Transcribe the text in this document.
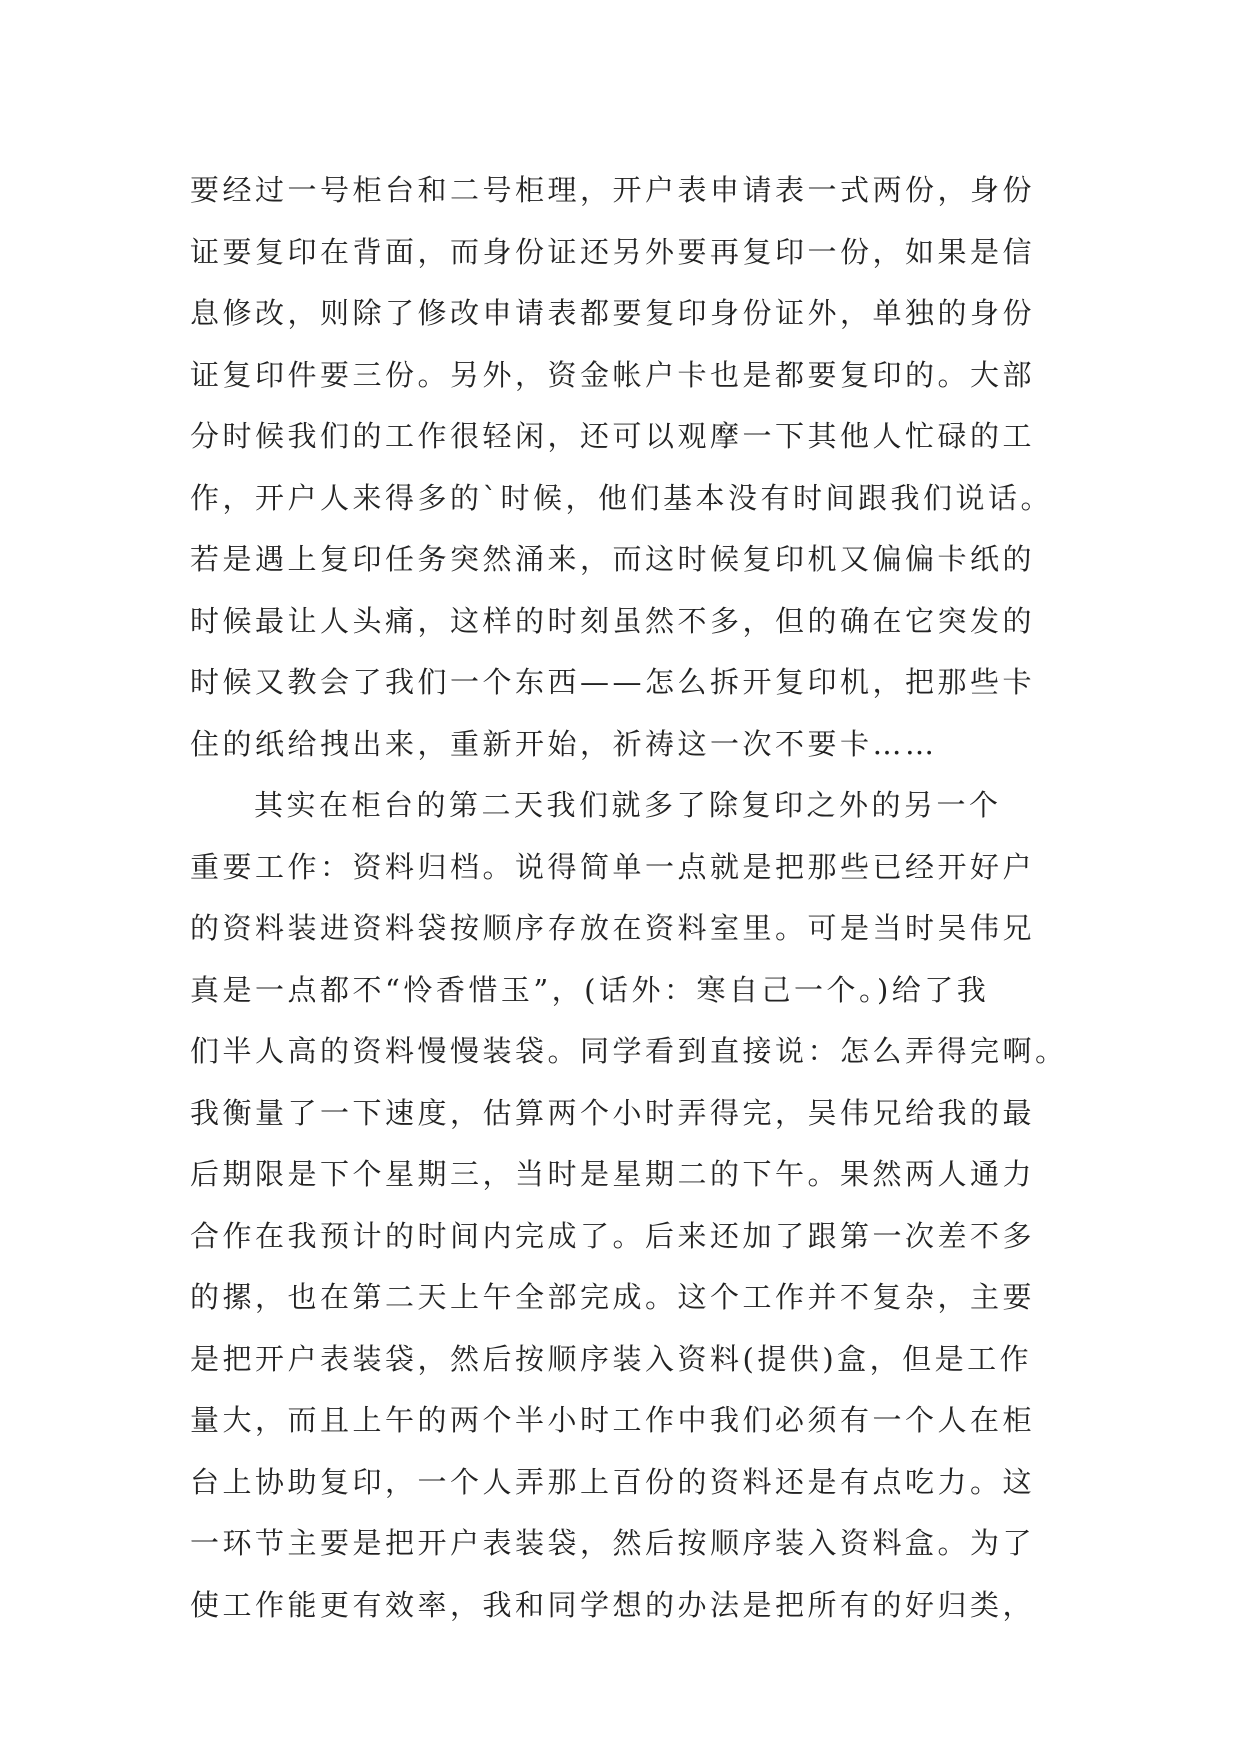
要经过一号柜台和二号柜理，开户表申请表一式两份，身份
证要复印在背面，而身份证还另外要再复印一份，如果是信
息修改，则除了修改申请表都要复印身份证外，单独的身份
证复印件要三份。另外，资金帐户卡也是都要复印的。大部
分时候我们的工作很轻闲，还可以观摩一下其他人忙碌的工
作，开户人来得多的`时候，他们基本没有时间跟我们说话。
若是遇上复印任务突然涌来，而这时候复印机又偏偏卡纸的
时候最让人头痛，这样的时刻虽然不多，但的确在它突发的
时候又教会了我们一个东西——怎么拆开复印机，把那些卡
住的纸给拽出来，重新开始，祈祷这一次不要卡……
其实在柜台的第二天我们就多了除复印之外的另一个
重要工作：资料归档。说得简单一点就是把那些已经开好户
的资料装进资料袋按顺序存放在资料室里。可是当时吴伟兄
真是一点都不“怜香惜玉”，(话外：寒自己一个。)给了我
们半人高的资料慢慢装袋。同学看到直接说：怎么弄得完啊。
我衡量了一下速度，估算两个小时弄得完，吴伟兄给我的最
后期限是下个星期三，当时是星期二的下午。果然两人通力
合作在我预计的时间内完成了。后来还加了跟第一次差不多
的摞，也在第二天上午全部完成。这个工作并不复杂，主要
是把开户表装袋，然后按顺序装入资料(提供)盒，但是工作
量大，而且上午的两个半小时工作中我们必须有一个人在柜
台上协助复印，一个人弄那上百份的资料还是有点吃力。这
一环节主要是把开户表装袋，然后按顺序装入资料盒。为了
使工作能更有效率，我和同学想的办法是把所有的好归类，
